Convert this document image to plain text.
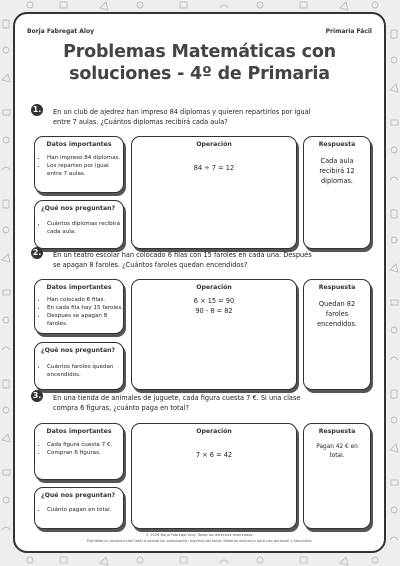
Borja Fabregat Aloy	Primaria Fácil
Problemas Matemáticas con
soluciones - 4º de Primaria
1. En un club de ajedrez han impreso 84 diplomas y quieren repartirlos por igual
entre 7 aulas. ¿Cuántos diplomas recibirá cada aula?
Datos importantes
• Han impreso 84 diplomas.
• Los reparten por igual
entre 7 aulas.
¿Qué nos preguntan?
• Cuántos diplomas recibirá
cada aula.
Operación
84 ÷ 7 = 12
Respuesta
Cada aula
recibirá 12
diplomas.
2. En un teatro escolar han colocado 6 filas con 15 faroles en cada una. Después
se apagan 8 faroles. ¿Cuántos faroles quedan encendidos?
Datos importantes
• Han colocado 6 filas.
• En cada fila hay 15 faroles.
• Después se apagan 8 faroles.
¿Qué nos preguntan?
• Cuántos faroles quedan
encendidos.
Operación
6 × 15 = 90
90 - 8 = 82
Respuesta
Quedan 82
faroles
encendidos.
3. En una tienda de animales de juguete, cada figura cuesta 7 €. Si una clase
compra 6 figuras, ¿cuánto paga en total?
Datos importantes
• Cada figura cuesta 7 €.
• Compran 6 figuras.
¿Qué nos preguntan?
• Cuánto pagan en total.
Operación
7 × 6 = 42
Respuesta
Pagan 42 € en
total.
© 2026 Borja Fabregat Aloy. Todos los derechos reservados.
Prohibida su reproducción total o parcial sin autorización expresa del autor. Material exclusivo para uso personal y educativo.
